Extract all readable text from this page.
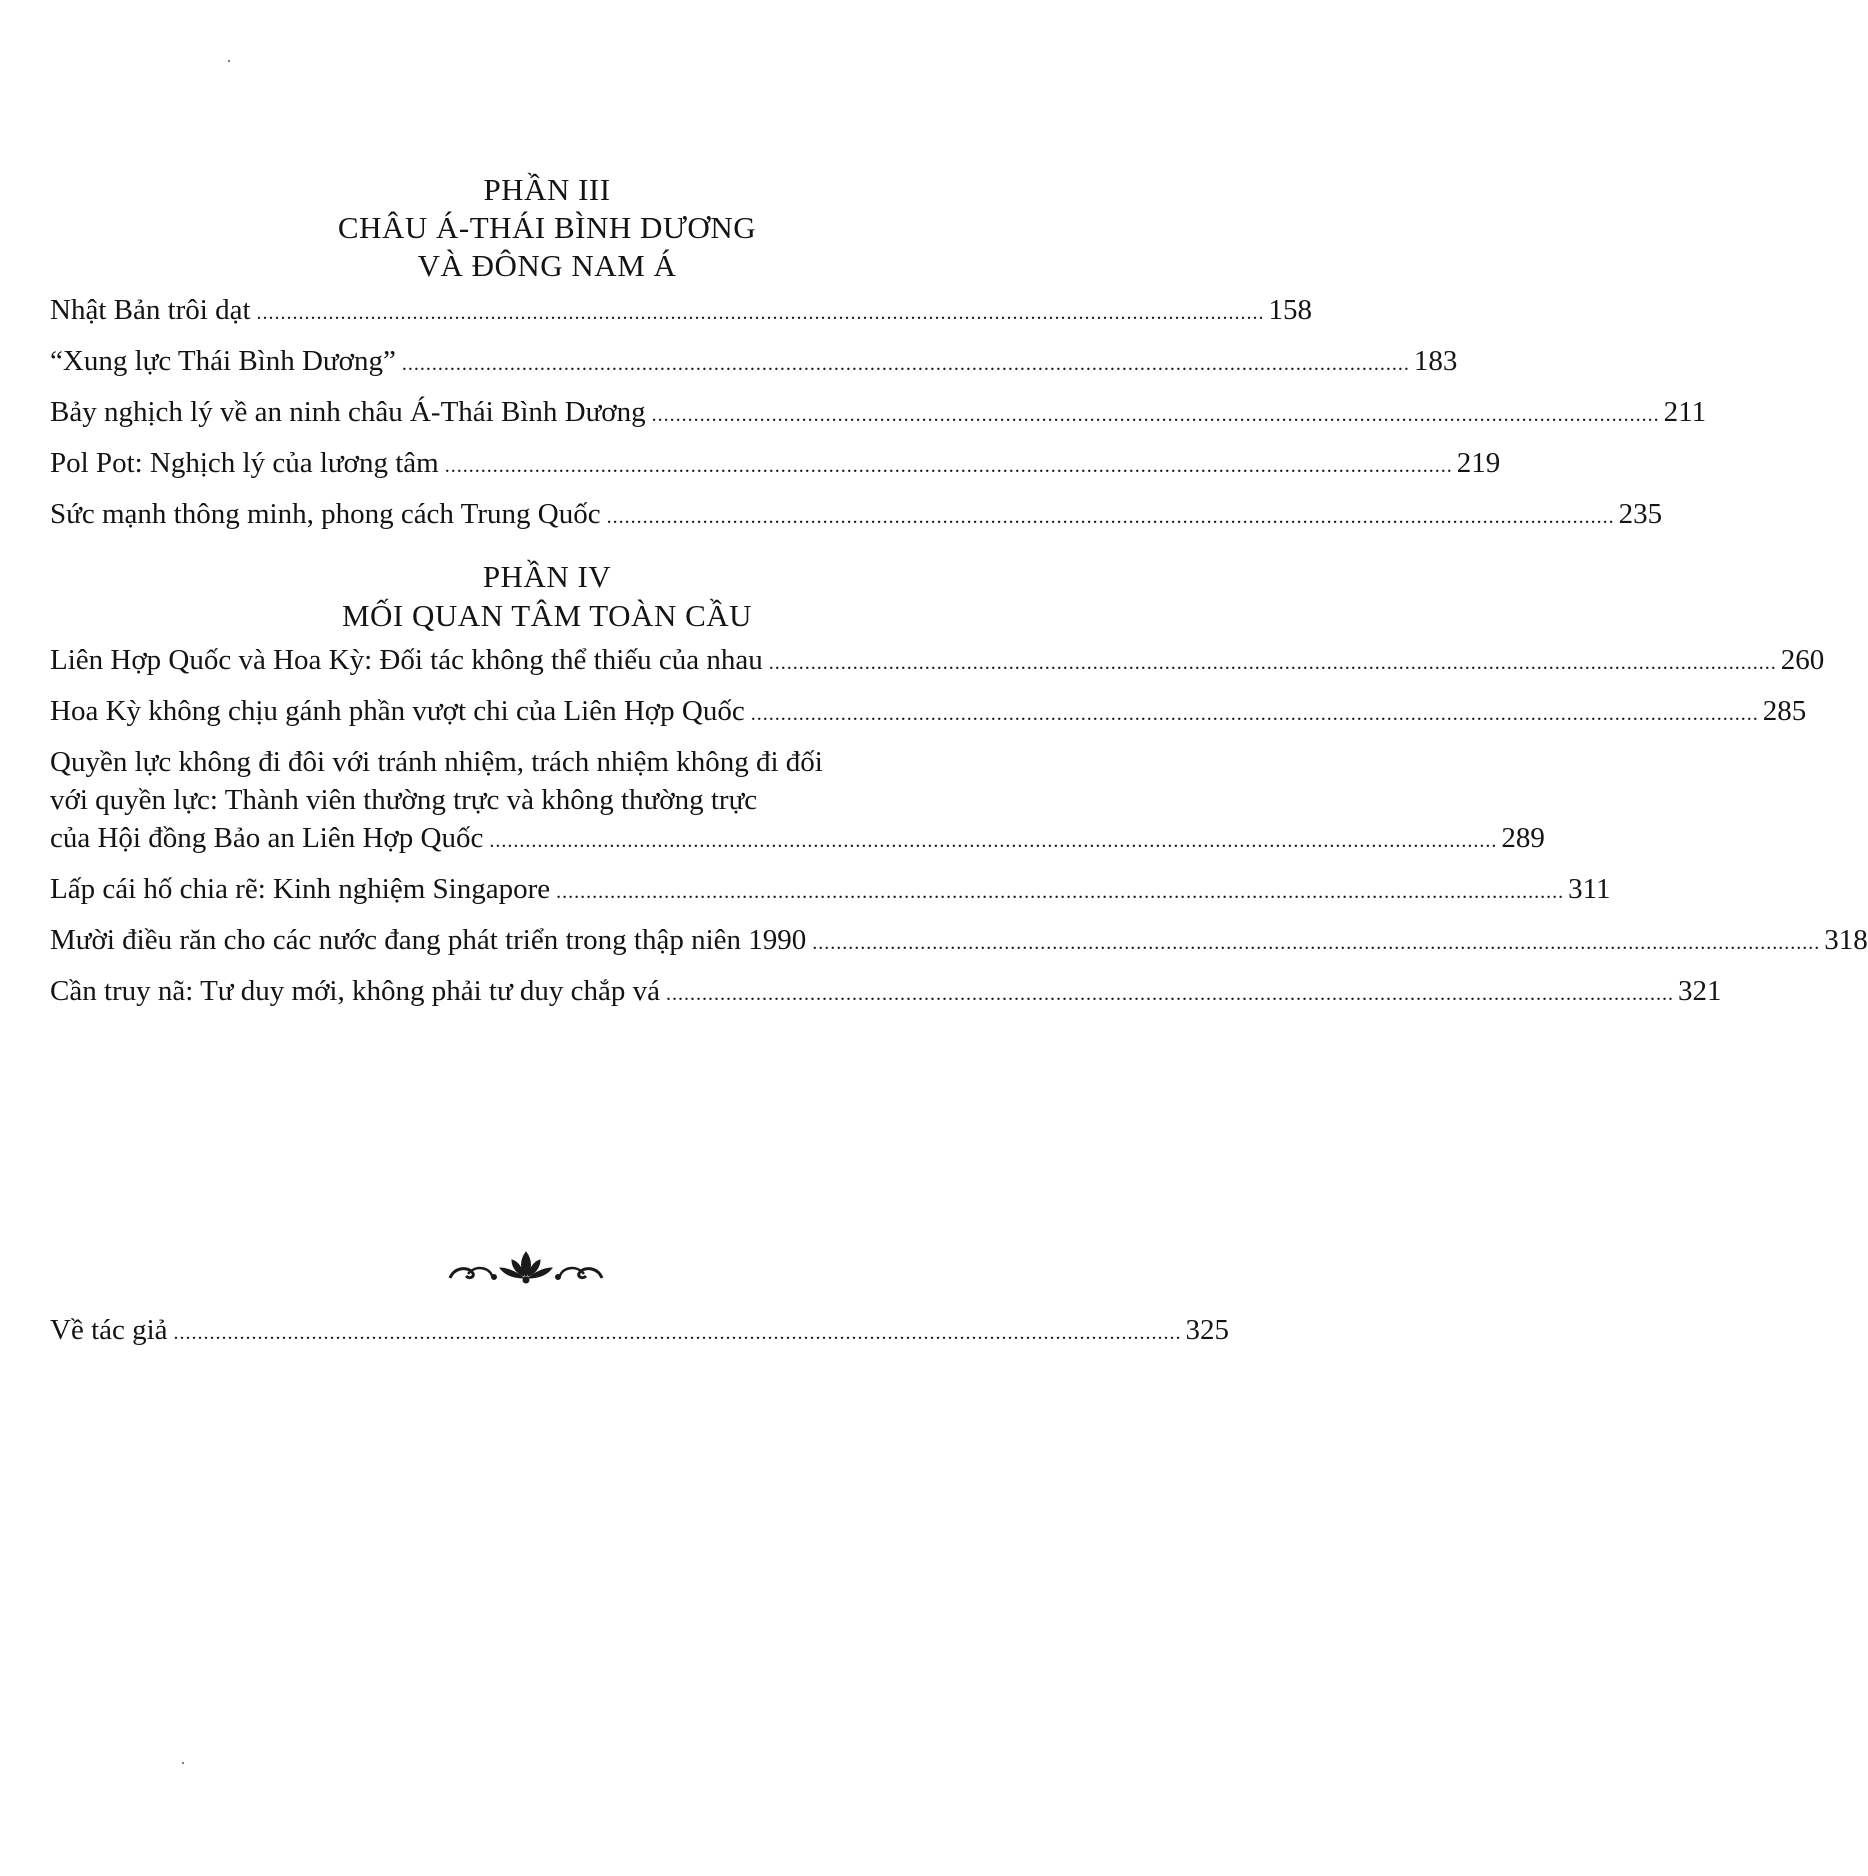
PHẦN III
CHÂU Á-THÁI BÌNH DƯƠNG
VÀ ĐÔNG NAM Á
Nhật Bản trôi dạt ........................................................................................................................................................................ 158
“Xung lực Thái Bình Dương” ........................................................................................................................................................................ 183
Bảy nghịch lý về an ninh châu Á-Thái Bình Dương ........................................................................................................................................................................ 211
Pol Pot: Nghịch lý của lương tâm ........................................................................................................................................................................ 219
Sức mạnh thông minh, phong cách Trung Quốc ........................................................................................................................................................................ 235
PHẦN IV
MỐI QUAN TÂM TOÀN CẦU
Liên Hợp Quốc và Hoa Kỳ: Đối tác không thể thiếu của nhau ........................................................................................................................................................................ 260
Hoa Kỳ không chịu gánh phần vượt chi của Liên Hợp Quốc ........................................................................................................................................................................ 285
Quyền lực không đi đôi với tránh nhiệm, trách nhiệm không đi đối
với quyền lực: Thành viên thường trực và không thường trực
của Hội đồng Bảo an Liên Hợp Quốc ........................................................................................................................................................................ 289
Lấp cái hố chia rẽ: Kinh nghiệm Singapore ........................................................................................................................................................................ 311
Mười điều răn cho các nước đang phát triển trong thập niên 1990 ........................................................................................................................................................................ 318
Cần truy nã: Tư duy mới, không phải tư duy chắp vá ........................................................................................................................................................................ 321
Về tác giả ........................................................................................................................................................................ 325
